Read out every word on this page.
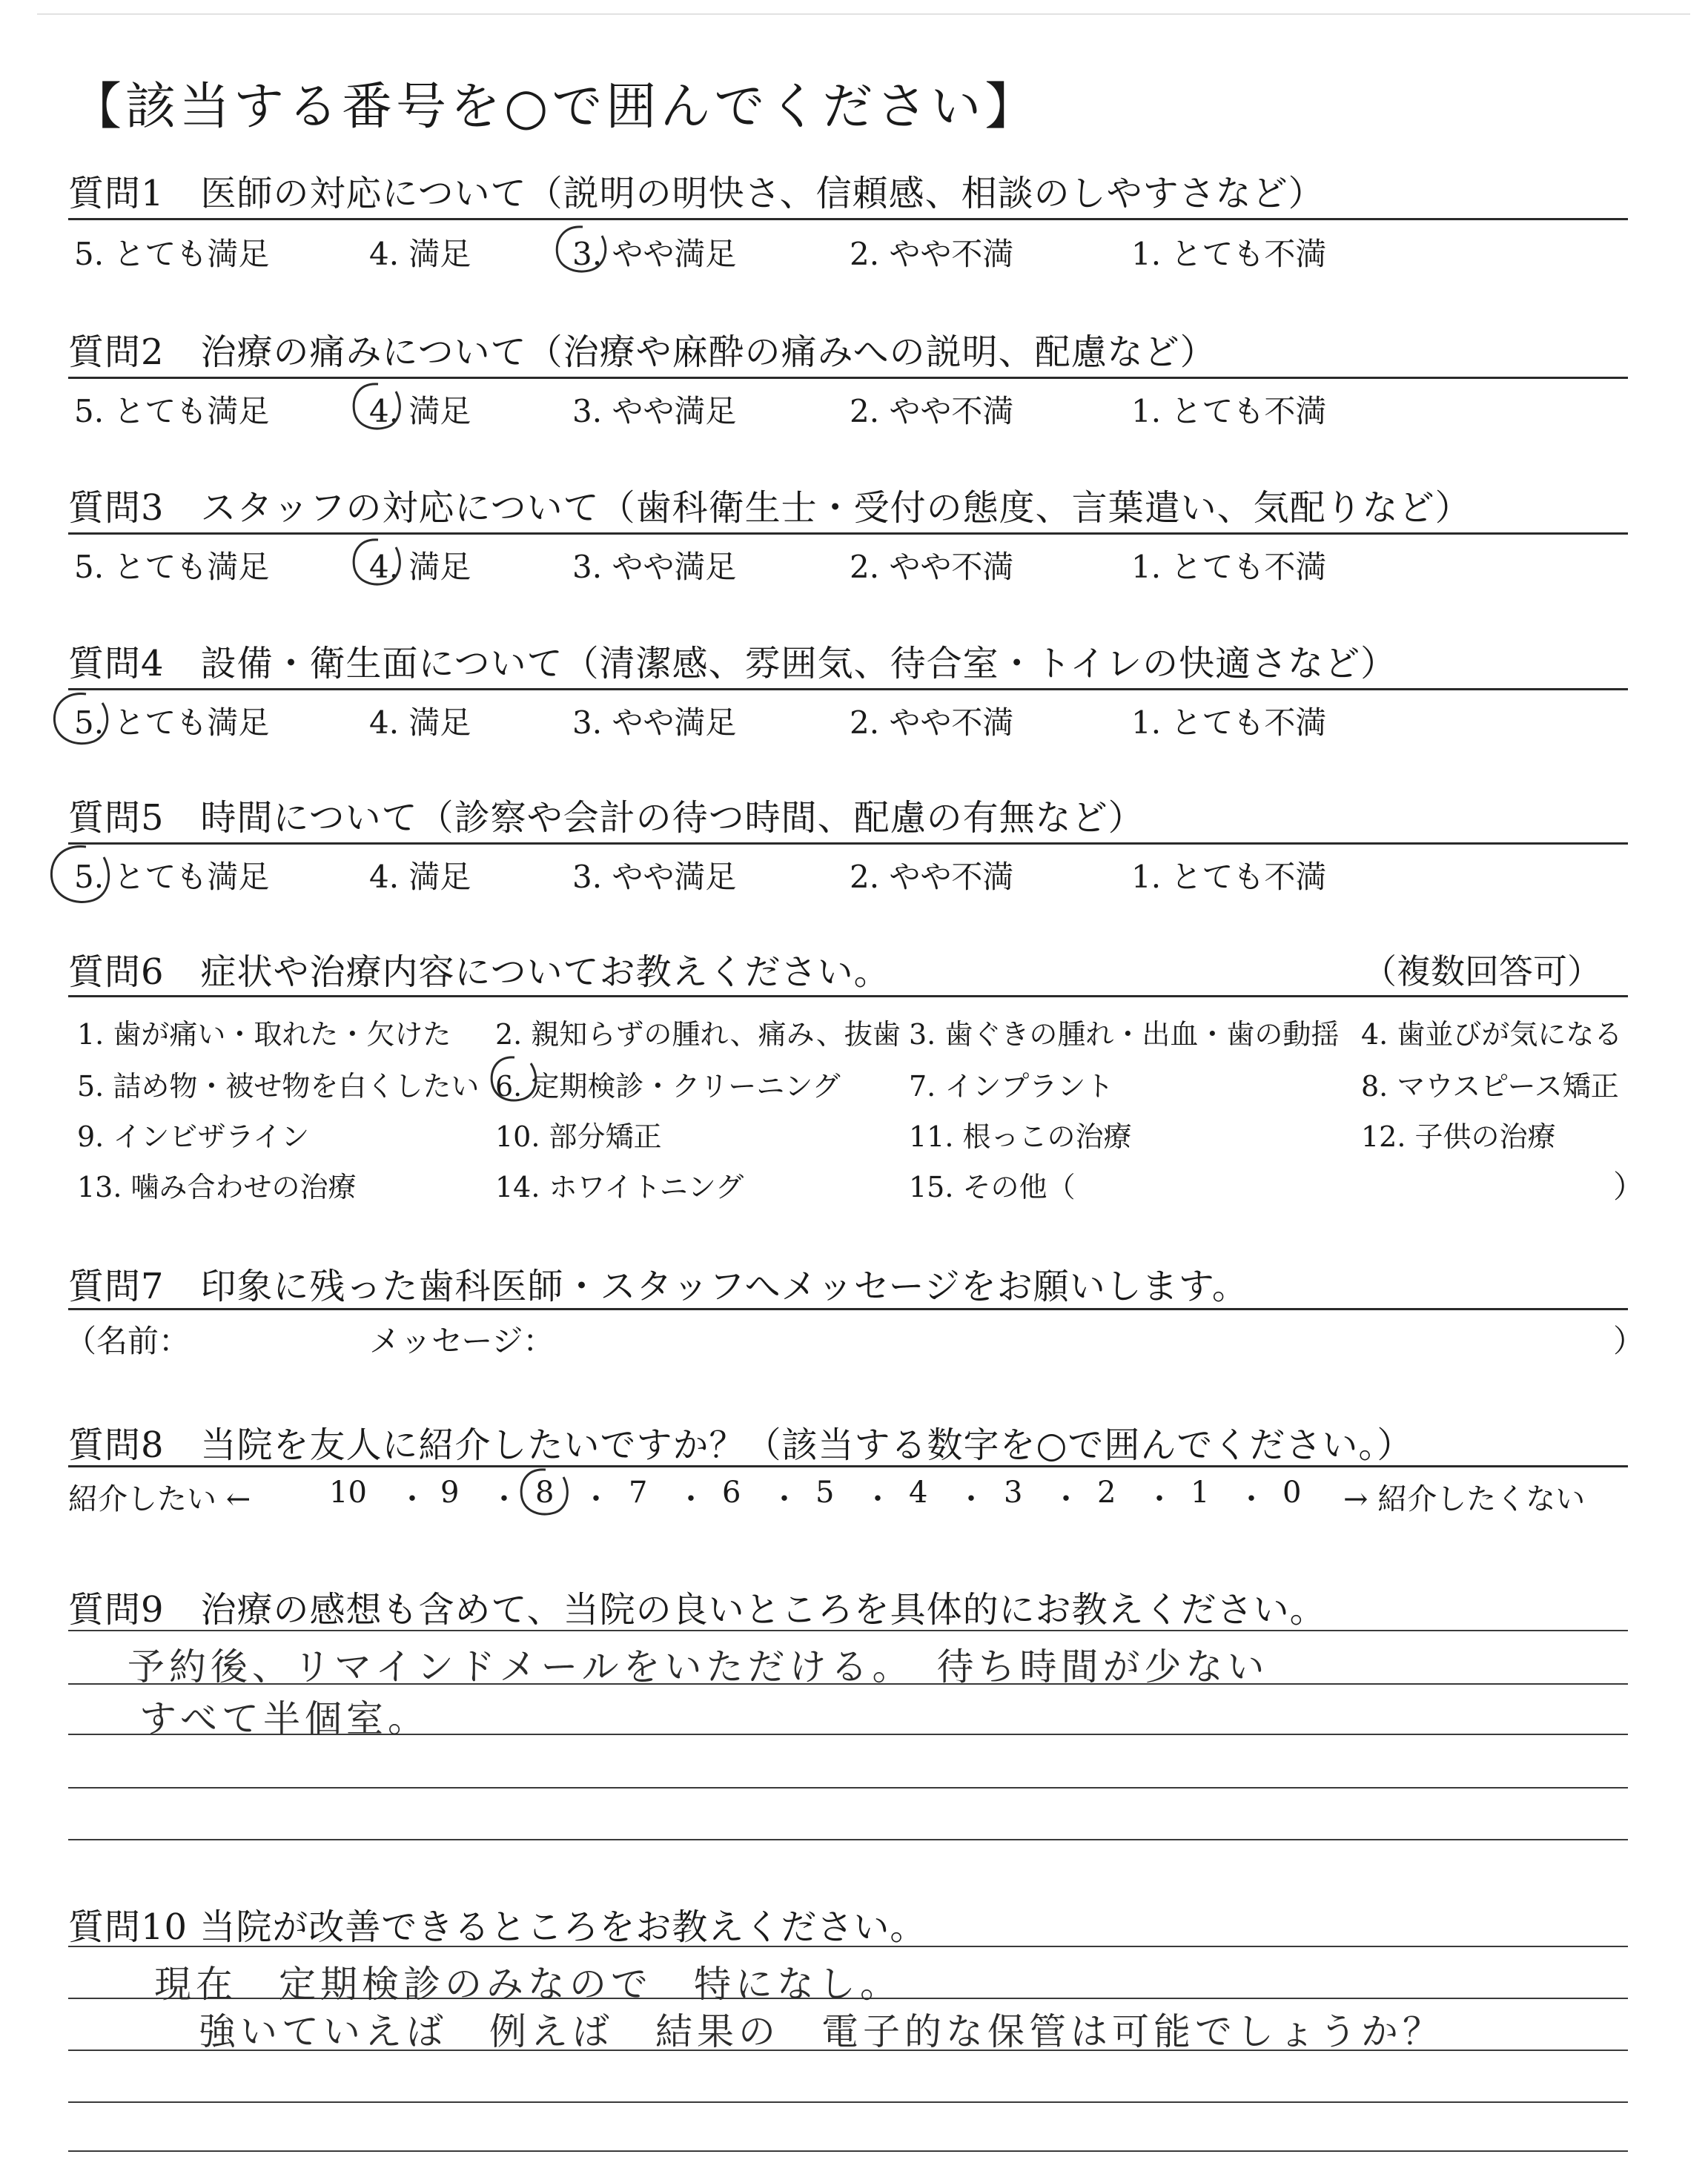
【該当する番号を○で囲んでください】
質問1　医師の対応について（説明の明快さ、信頼感、相談のしやすさなど）
5. とても満足	4. 満足	3. やや満足	2. やや不満	1. とても不満
質問2　治療の痛みについて（治療や麻酔の痛みへの説明、配慮など）
5. とても満足	4. 満足	3. やや満足	2. やや不満	1. とても不満
質問3　スタッフの対応について（歯科衛生士・受付の態度、言葉遣い、気配りなど）
5. とても満足	4. 満足	3. やや満足	2. やや不満	1. とても不満
質問4　設備・衛生面について（清潔感、雰囲気、待合室・トイレの快適さなど）
5. とても満足	4. 満足	3. やや満足	2. やや不満	1. とても不満
質問5　時間について（診察や会計の待つ時間、配慮の有無など）
5. とても満足	4. 満足	3. やや満足	2. やや不満	1. とても不満
質問6　症状や治療内容についてお教えください。	（複数回答可）
1. 歯が痛い・取れた・欠けた 2. 親知らずの腫れ、痛み、抜歯 3. 歯ぐきの腫れ・出血・歯の動揺 4. 歯並びが気になる
5. 詰め物・被せ物を白くしたい 6. 定期検診・クリーニング 7. インプラント	8. マウスピース矯正
9. インビザライン	10. 部分矯正	11. 根っこの治療	12. 子供の治療
13. 噛み合わせの治療	14. ホワイトニング	15. その他（	）
質問7　印象に残った歯科医師・スタッフへメッセージをお願いします。
（名前：	メッセージ：	）
質問8　当院を友人に紹介したいですか？（該当する数字を○で囲んでください。）
紹介したい ←	10 ・ 9 ・ 8 ・ 7 ・ 6 ・ 5 ・ 4 ・ 3 ・ 2 ・ 1 ・ 0 → 紹介したくない
質問9　治療の感想も含めて、当院の良いところを具体的にお教えください。
予約後、リマインドメールをいただける。　待ち時間が少ない
すべて半個室。
質問10 当院が改善できるところをお教えください。
現在　定期検診のみなので　特になし。
強いていえば　例えば　結果の　電子的な保管は可能でしょうか？
